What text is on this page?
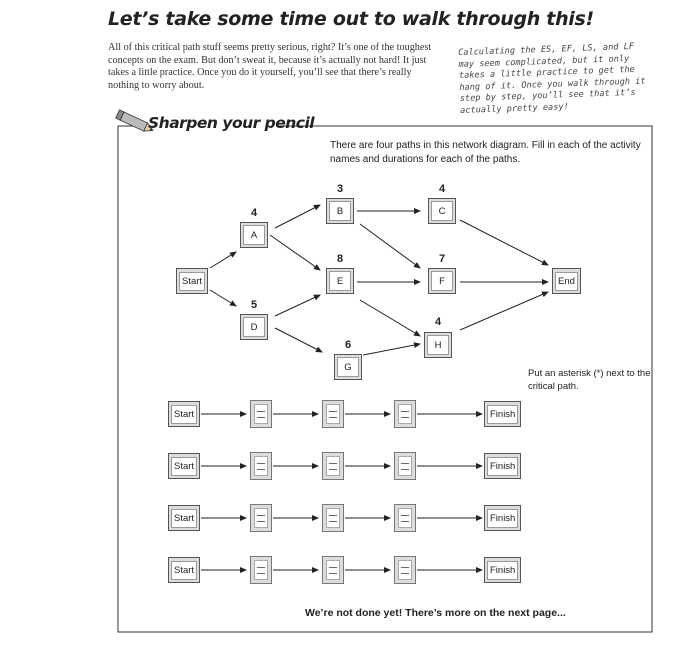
Let’s take some time out to walk through this!
All of this critical path stuff seems pretty serious, right? It’s one of the toughest concepts on the exam. But don’t sweat it, because it’s actually not hard! It just takes a little practice. Once you do it yourself, you’ll see that there’s really nothing to worry about.
Calculating the ES, EF, LS, and LF may seem complicated, but it only takes a little practice to get the hang of it. Once you walk through it step by step, you’ll see that it’s actually pretty easy!
Sharpen your pencil
There are four paths in this network diagram. Fill in each of the activity names and durations for each of the paths.
Start	End
4
A
3
B
4
C
5
D
8
E
7
F
6
G
4
H
Put an asterisk (*) next to the critical path.
Start	Finish
Start	Finish
Start	Finish
Start	Finish
We’re not done yet! There’s more on the next page...
